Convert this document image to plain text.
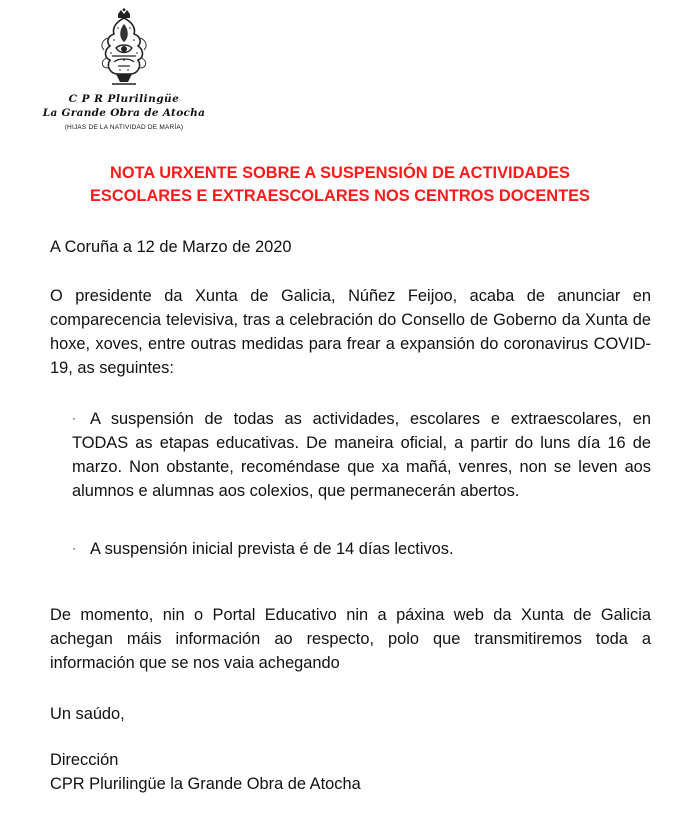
C P R Plurilingüe
La Grande Obra de Atocha
(HIJAS DE LA NATIVIDAD DE MARÍA)
NOTA URXENTE SOBRE A SUSPENSIÓN DE ACTIVIDADES
ESCOLARES E EXTRAESCOLARES NOS CENTROS DOCENTES
A Coruña a 12 de Marzo de 2020
O presidente da Xunta de Galicia, Núñez Feijoo, acaba de anunciar en comparecencia televisiva, tras a celebración do Consello de Goberno da Xunta de hoxe, xoves, entre outras medidas para frear a expansión do coronavirus COVID-19, as seguintes:
· A suspensión de todas as actividades, escolares e extraescolares, en TODAS as etapas educativas. De maneira oficial, a partir do luns día 16 de marzo. Non obstante, recoméndase que xa mañá, venres, non se leven aos alumnos e alumnas aos colexios, que permanecerán abertos.
· A suspensión inicial prevista é de 14 días lectivos.
De momento, nin o Portal Educativo nin a páxina web da Xunta de Galicia achegan máis información ao respecto, polo que transmitiremos toda a información que se nos vaia achegando
Un saúdo,
Dirección
CPR Plurilingüe la Grande Obra de Atocha
